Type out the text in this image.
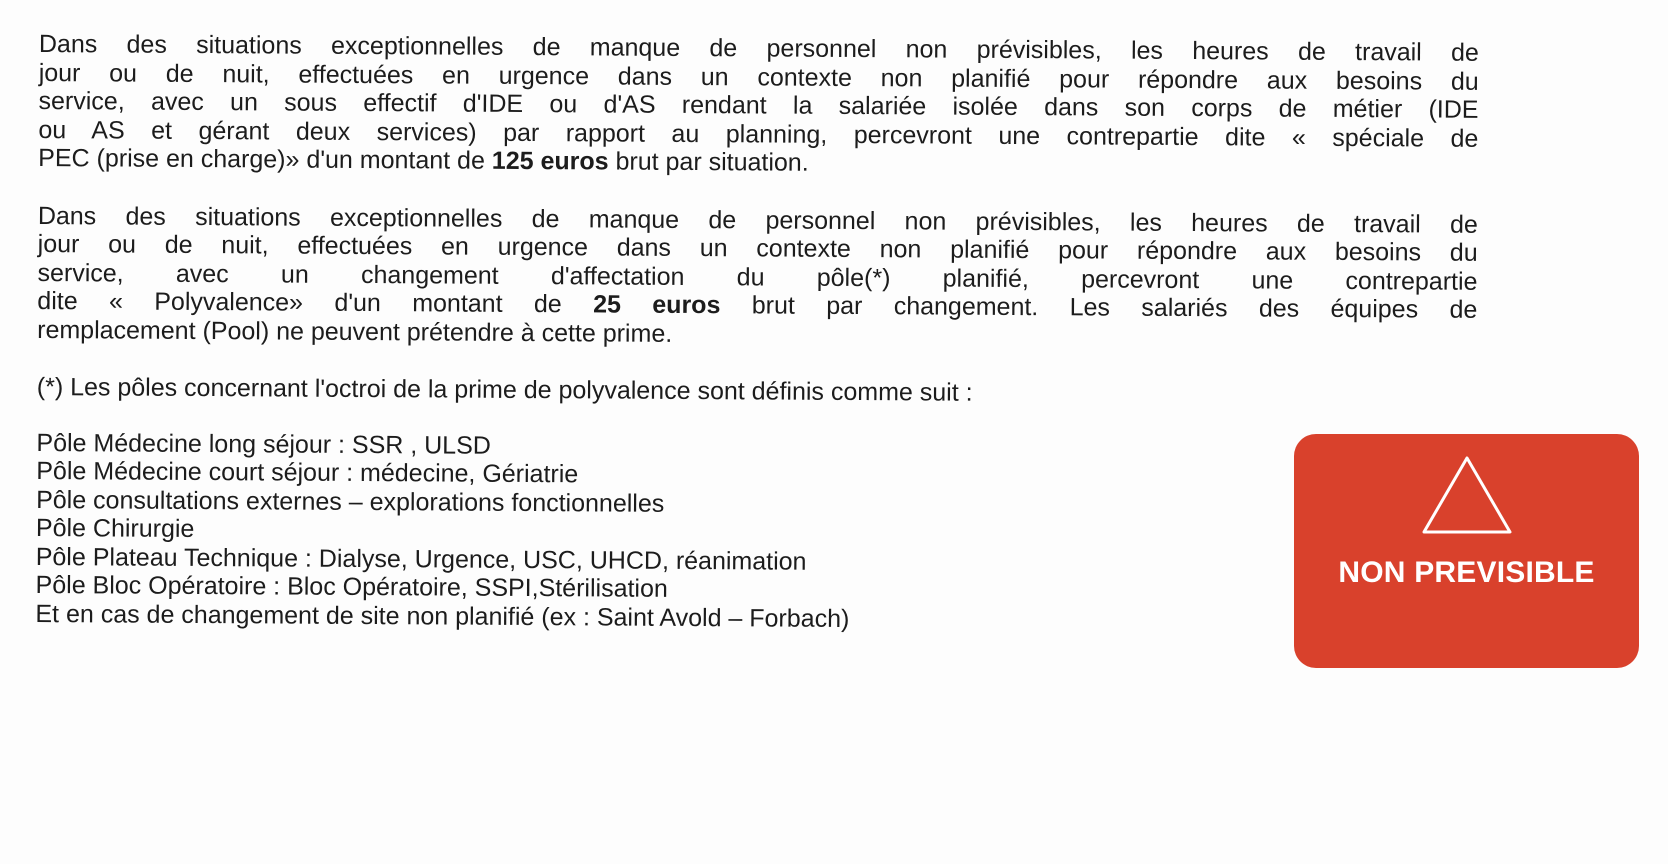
Dans des situations exceptionnelles de manque de personnel non prévisibles, les heures de travail de
jour ou de nuit, effectuées en urgence dans un contexte non planifié pour répondre aux besoins du
service, avec un sous effectif d'IDE ou d'AS rendant la salariée isolée dans son corps de métier (IDE
ou AS et gérant deux services) par rapport au planning, percevront une contrepartie dite « spéciale de
PEC (prise en charge)» d'un montant de 125 euros brut par situation.

Dans des situations exceptionnelles de manque de personnel non prévisibles, les heures de travail de
jour ou de nuit, effectuées en urgence dans un contexte non planifié pour répondre aux besoins du
service, avec un changement d'affectation du pôle(*) planifié, percevront une contrepartie
dite « Polyvalence» d'un montant de 25 euros brut par changement. Les salariés des équipes de
remplacement (Pool) ne peuvent prétendre à cette prime.

(*) Les pôles concernant l'octroi de la prime de polyvalence sont définis comme suit :

Pôle Médecine long séjour : SSR , ULSD
Pôle Médecine court séjour : médecine, Gériatrie
Pôle consultations externes – explorations fonctionnelles
Pôle Chirurgie
Pôle Plateau Technique : Dialyse, Urgence, USC, UHCD, réanimation
Pôle Bloc Opératoire : Bloc Opératoire, SSPI,Stérilisation
Et en cas de changement de site non planifié (ex : Saint Avold – Forbach)
NON PREVISIBLE
